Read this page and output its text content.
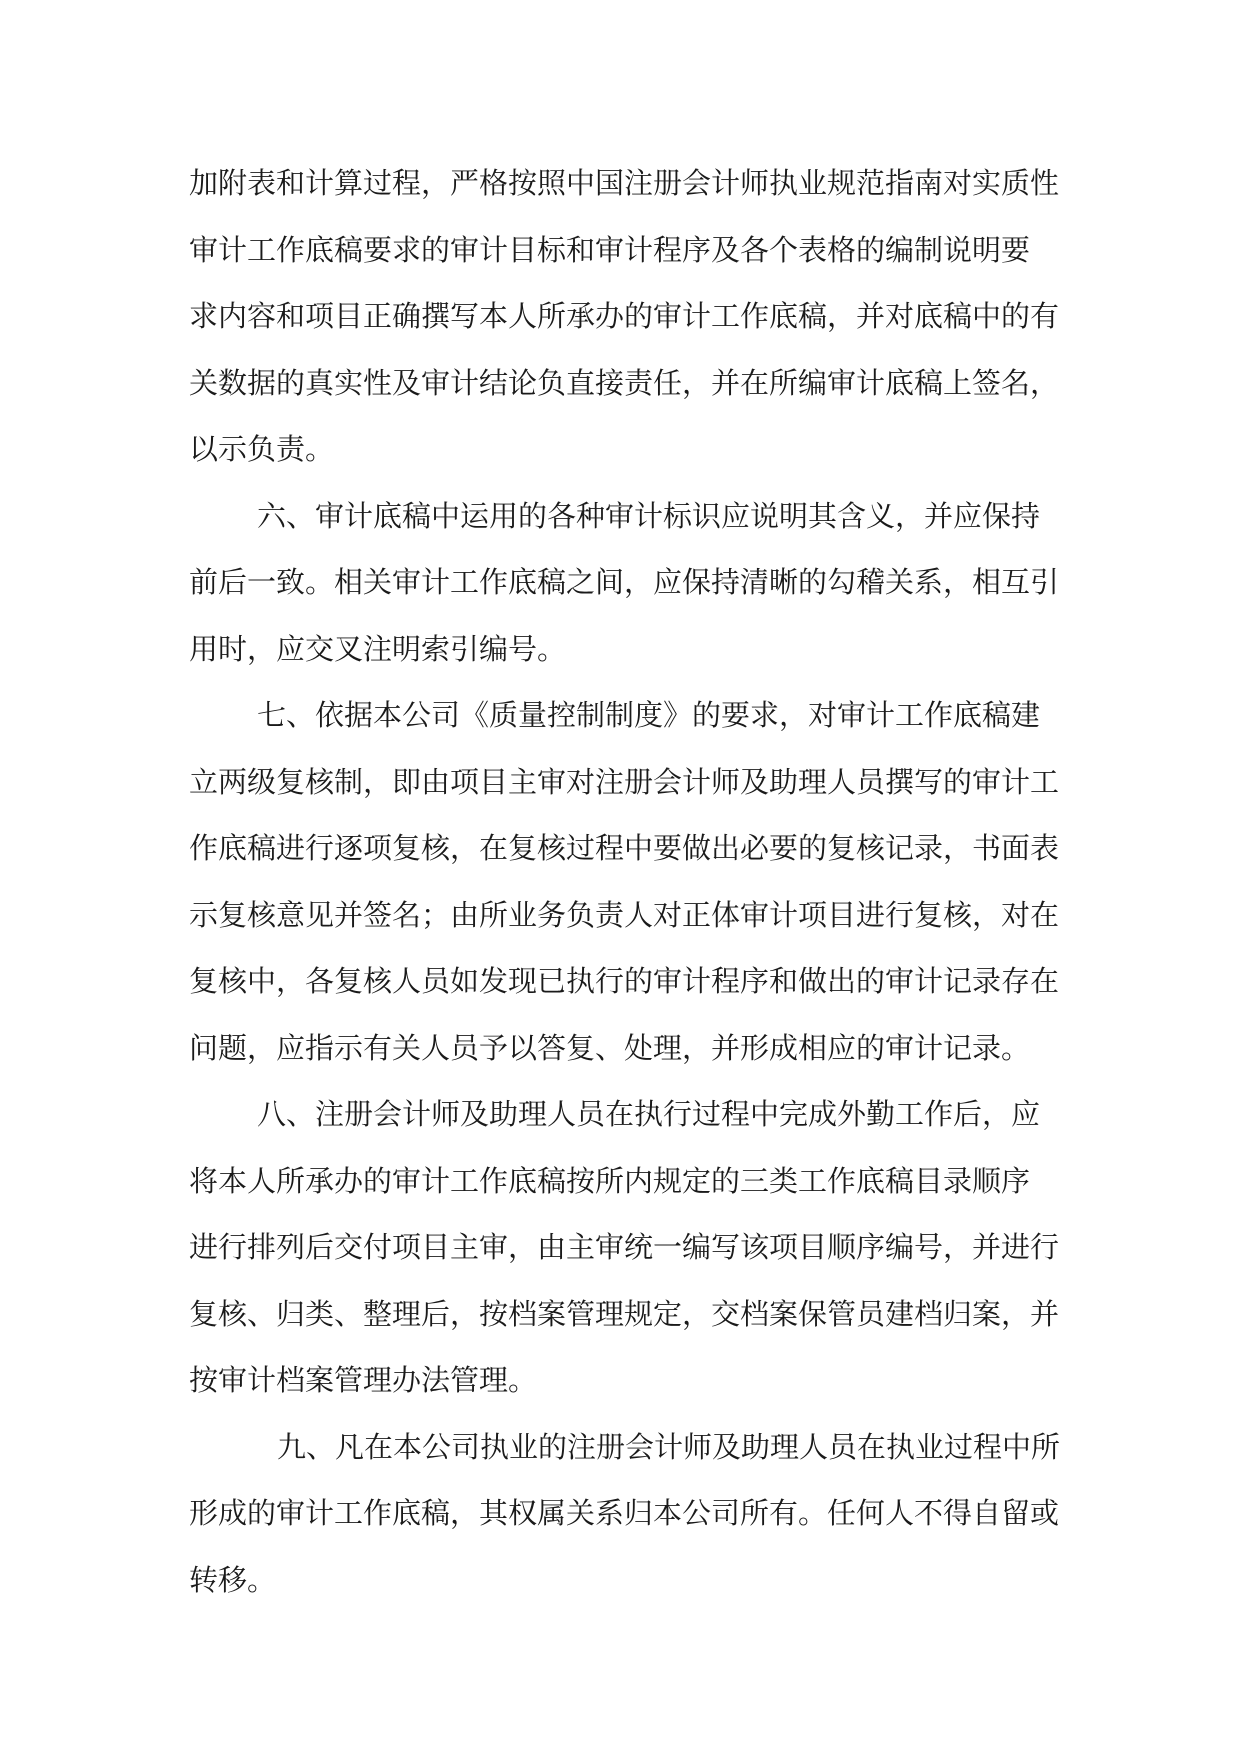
加附表和计算过程，严格按照中国注册会计师执业规范指南对实质性
审计工作底稿要求的审计目标和审计程序及各个表格的编制说明要
求内容和项目正确撰写本人所承办的审计工作底稿，并对底稿中的有
关数据的真实性及审计结论负直接责任，并在所编审计底稿上签名，
以示负责。
六、审计底稿中运用的各种审计标识应说明其含义，并应保持
前后一致。相关审计工作底稿之间，应保持清晰的勾稽关系，相互引
用时，应交叉注明索引编号。
七、依据本公司《质量控制制度》的要求，对审计工作底稿建
立两级复核制，即由项目主审对注册会计师及助理人员撰写的审计工
作底稿进行逐项复核，在复核过程中要做出必要的复核记录，书面表
示复核意见并签名；由所业务负责人对正体审计项目进行复核，对在
复核中，各复核人员如发现已执行的审计程序和做出的审计记录存在
问题，应指示有关人员予以答复、处理，并形成相应的审计记录。
八、注册会计师及助理人员在执行过程中完成外勤工作后，应
将本人所承办的审计工作底稿按所内规定的三类工作底稿目录顺序
进行排列后交付项目主审，由主审统一编写该项目顺序编号，并进行
复核、归类、整理后，按档案管理规定，交档案保管员建档归案，并
按审计档案管理办法管理。
九、凡在本公司执业的注册会计师及助理人员在执业过程中所
形成的审计工作底稿，其权属关系归本公司所有。任何人不得自留或
转移。
